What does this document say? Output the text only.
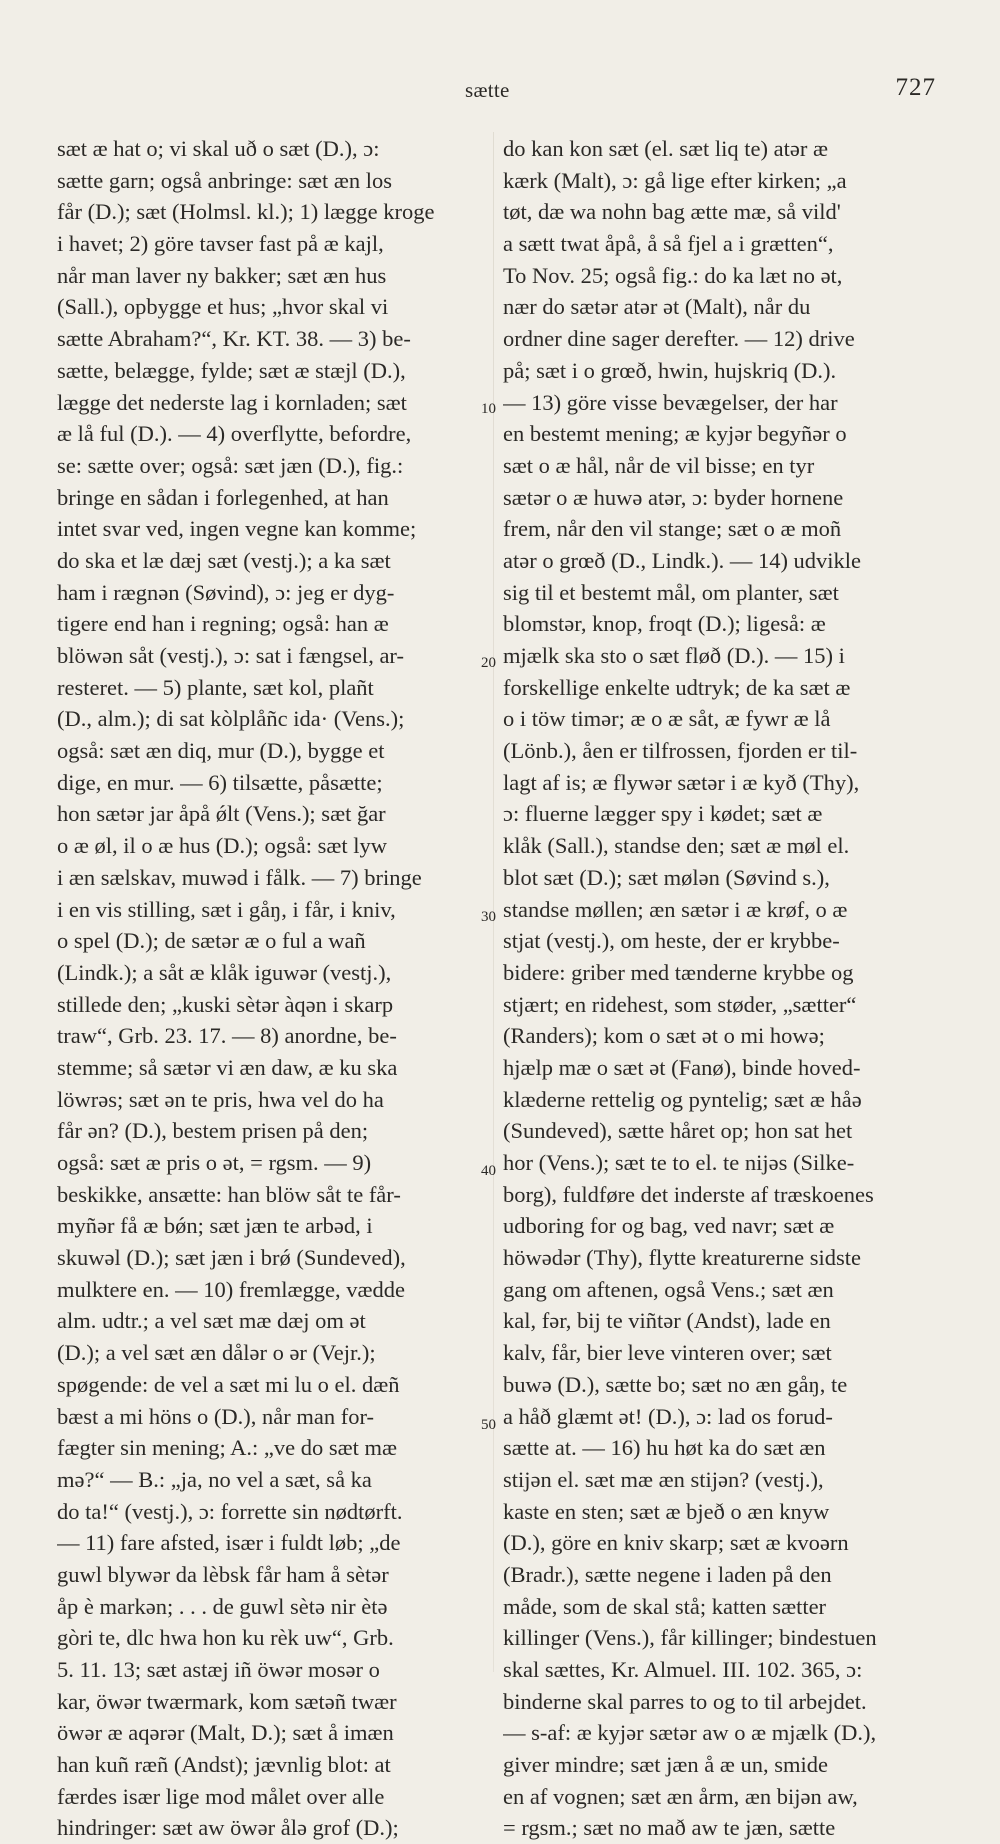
sætte	727
10
20
30
40
50
sæt æ hat o; vi skal uð o sæt (D.), ɔ:
sætte garn; også anbringe: sæt æn los
får (D.); sæt (Holmsl. kl.); 1) lægge kroge
i havet; 2) göre tavser fast på æ kajl,
når man laver ny bakker; sæt æn hus
(Sall.), opbygge et hus; „hvor skal vi
sætte Abraham?“, Kr. KT. 38. — 3) be-
sætte, belægge, fylde; sæt æ stæjl (D.),
lægge det nederste lag i kornladen; sæt
æ lå ful (D.). — 4) overflytte, befordre,
se: sætte over; også: sæt jæn (D.), fig.:
bringe en sådan i forlegenhed, at han
intet svar ved, ingen vegne kan komme;
do ska et læ dæj sæt (vestj.); a ka sæt
ham i rægnən (Søvind), ɔ: jeg er dyg-
tigere end han i regning; også: han æ
blöwən såt (vestj.), ɔ: sat i fængsel, ar-
resteret. — 5) plante, sæt kol, plañt
(D., alm.); di sat kòlplåñc ida· (Vens.);
også: sæt æn diq, mur (D.), bygge et
dige, en mur. — 6) tilsætte, påsætte;
hon sætər jar åpå ǿlt (Vens.); sæt ğar
o æ øl, il o æ hus (D.); også: sæt lyw
i æn sælskav, muwəd i fålk. — 7) bringe
i en vis stilling, sæt i gåŋ, i får, i kniv,
o spel (D.); de sætər æ o ful a wañ
(Lindk.); a såt æ klåk iguwər (vestj.),
stillede den; „kuski sètər àqən i skarp
traw“, Grb. 23. 17. — 8) anordne, be-
stemme; så sætər vi æn daw, æ ku ska
löwrəs; sæt ən te pris, hwa vel do ha
får ən? (D.), bestem prisen på den;
også: sæt æ pris o ət, = rgsm. — 9)
beskikke, ansætte: han blöw såt te får-
myñər få æ bǿn; sæt jæn te arbəd, i
skuwəl (D.); sæt jæn i brǿ (Sundeved),
mulktere en. — 10) fremlægge, vædde
alm. udtr.; a vel sæt mæ dæj om ət
(D.); a vel sæt æn dålər o ər (Vejr.);
spøgende: de vel a sæt mi lu o el. dæñ
bæst a mi höns o (D.), når man for-
fægter sin mening; A.: „ve do sæt mæ
mə?“ — B.: „ja, no vel a sæt, så ka
do ta!“ (vestj.), ɔ: forrette sin nødtørft.
— 11) fare afsted, især i fuldt løb; „de
guwl blywər da lèbsk får ham å sètər
åp è markən; . . . de guwl sètə nir ètə
gòri te, dlc hwa hon ku rèk uw“, Grb.
5. 11. 13; sæt astæj iñ öwər mosər o
kar, öwər twærmark, kom sætəñ twær
öwər æ aqərər (Malt, D.); sæt å imæn
han kuñ ræñ (Andst); jævnlig blot: at
færdes især lige mod målet over alle
hindringer: sæt aw öwər ålə grof (D.);
do kan kon sæt (el. sæt liq te) atər æ
kærk (Malt), ɔ: gå lige efter kirken; „a
tøt, dæ wa nohn bag ætte mæ, så vild'
a sætt twat åpå, å så fjel a i grætten“,
To Nov. 25; også fig.: do ka læt no ət,
nær do sætər atər ət (Malt), når du
ordner dine sager derefter. — 12) drive
på; sæt i o grœð, hwin, hujskriq (D.).
— 13) göre visse bevægelser, der har
en bestemt mening; æ kyjər begyñər o
sæt o æ hål, når de vil bisse; en tyr
sætər o æ huwə atər, ɔ: byder hornene
frem, når den vil stange; sæt o æ moñ
atər o grœð (D., Lindk.). — 14) udvikle
sig til et bestemt mål, om planter, sæt
blomstər, knop, froqt (D.); ligeså: æ
mjælk ska sto o sæt fløð (D.). — 15) i
forskellige enkelte udtryk; de ka sæt æ
o i töw timər; æ o æ såt, æ fywr æ lå
(Lönb.), åen er tilfrossen, fjorden er til-
lagt af is; æ flywər sætər i æ kyð (Thy),
ɔ: fluerne lægger spy i kødet; sæt æ
klåk (Sall.), standse den; sæt æ møl el.
blot sæt (D.); sæt mølən (Søvind s.),
standse møllen; æn sætər i æ krøf, o æ
stjat (vestj.), om heste, der er krybbe-
bidere: griber med tænderne krybbe og
stjært; en ridehest, som støder, „sætter“
(Randers); kom o sæt ət o mi howə;
hjælp mæ o sæt ət (Fanø), binde hoved-
klæderne rettelig og pyntelig; sæt æ håə
(Sundeved), sætte håret op; hon sat het
hor (Vens.); sæt te to el. te nijəs (Silke-
borg), fuldføre det inderste af træskoenes
udboring for og bag, ved navr; sæt æ
höwədər (Thy), flytte kreaturerne sidste
gang om aftenen, også Vens.; sæt æn
kal, fər, bij te viñtər (Andst), lade en
kalv, får, bier leve vinteren over; sæt
buwə (D.), sætte bo; sæt no æn gåŋ, te
a håð glæmt ət! (D.), ɔ: lad os forud-
sætte at. — 16) hu høt ka do sæt æn
stijən el. sæt mæ æn stijən? (vestj.),
kaste en sten; sæt æ bjeð o æn knyw
(D.), göre en kniv skarp; sæt æ kvoərn
(Bradr.), sætte negene i laden på den
måde, som de skal stå; katten sætter
killinger (Vens.), får killinger; bindestuen
skal sættes, Kr. Almuel. III. 102. 365, ɔ:
binderne skal parres to og to til arbejdet.
— s-af: æ kyjər sætər aw o æ mjælk (D.),
giver mindre; sæt jæn å æ un, smide
en af vognen; sæt æn årm, æn bijən aw,
= rgsm.; sæt no mað aw te jæn, sætte
